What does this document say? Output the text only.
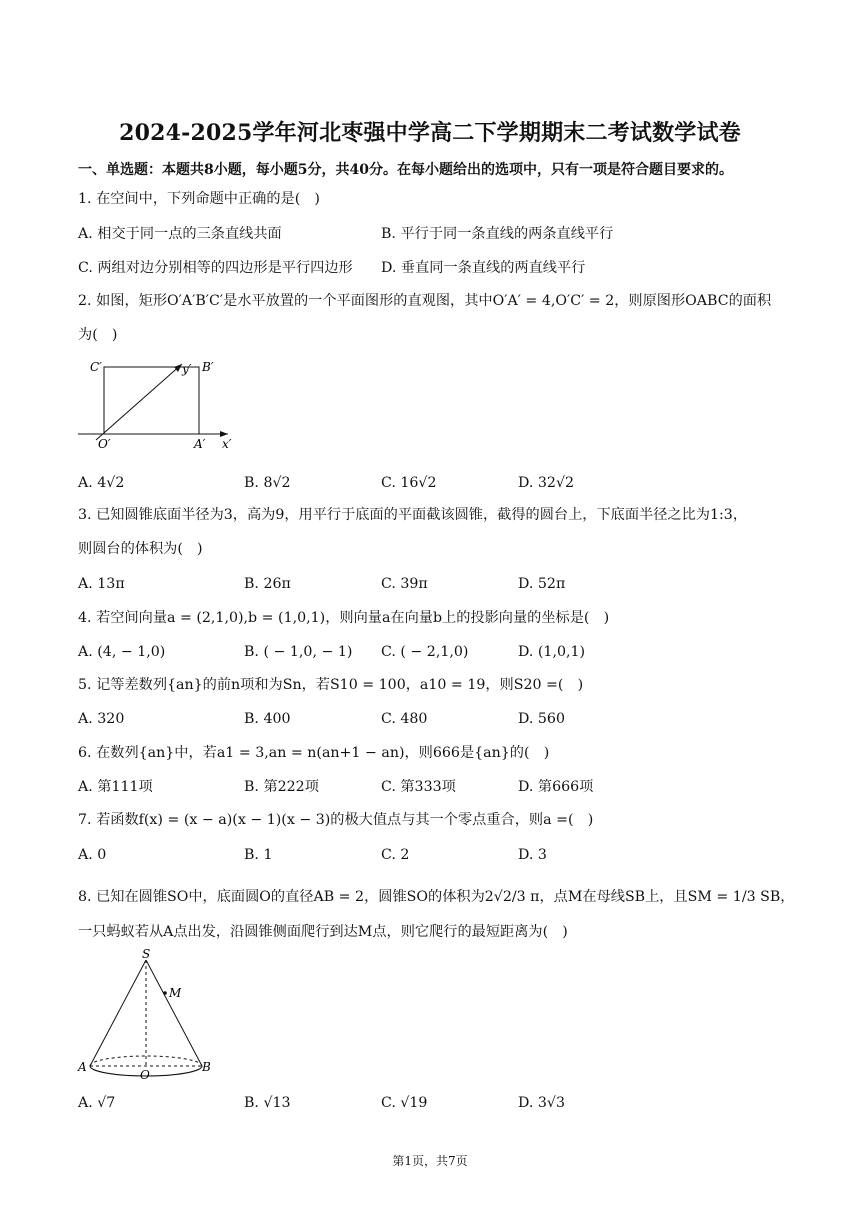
2024-2025学年河北枣强中学高二下学期期末二考试数学试卷
一、单选题：本题共8小题，每小题5分，共40分。在每小题给出的选项中，只有一项是符合题目要求的。
1. 在空间中，下列命题中正确的是(　)
A. 相交于同一点的三条直线共面	B. 平行于同一条直线的两条直线平行
C. 两组对边分别相等的四边形是平行四边形 D. 垂直同一条直线的两直线平行
2. 如图，矩形O′A′B′C′是水平放置的一个平面图形的直观图，其中O′A′ = 4,O′C′ = 2，则原图形OABC的面积
为(　)
C′	B′
O′	A′ x′
y′
A. 4√2	B. 8√2	C. 16√2	D. 32√2
3. 已知圆锥底面半径为3，高为9，用平行于底面的平面截该圆锥，截得的圆台上，下底面半径之比为1:3，
则圆台的体积为(　)
A. 13π	B. 26π	C. 39π	D. 52π
4. 若空间向量a = (2,1,0),b = (1,0,1)，则向量a在向量b上的投影向量的坐标是(　)
A. (4, − 1,0)	B. ( − 1,0, − 1) C. ( − 2,1,0)	D. (1,0,1)
5. 记等差数列{an}的前n项和为Sn，若S10 = 100，a10 = 19，则S20 =(　)
A. 320	B. 400	C. 480	D. 560
6. 在数列{an}中，若a1 = 3,an = n(an+1 − an)，则666是{an}的(　)
A. 第111项	B. 第222项	C. 第333项	D. 第666项
7. 若函数f(x) = (x − a)(x − 1)(x − 3)的极大值点与其一个零点重合，则a =(　)
A. 0	B. 1	C. 2	D. 3
8. 已知在圆锥SO中，底面圆O的直径AB = 2，圆锥SO的体积为2√2/3 π，点M在母线SB上，且SM = 1/3 SB，
一只蚂蚁若从A点出发，沿圆锥侧面爬行到达M点，则它爬行的最短距离为(　)
S
M
A
O
B
A. √7	B. √13	C. √19	D. 3√3
第1页，共7页
